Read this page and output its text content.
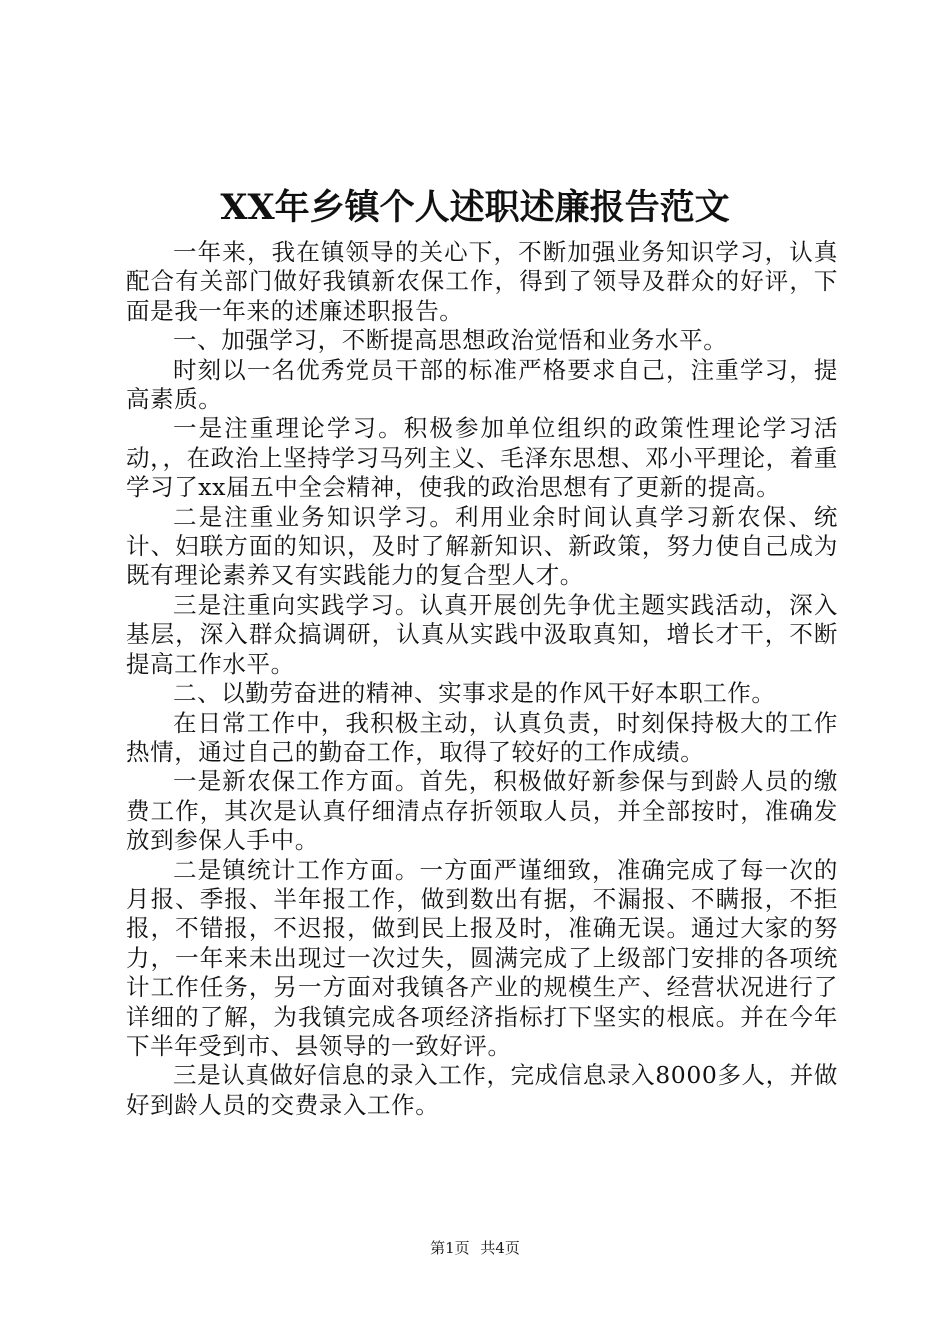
XX年乡镇个人述职述廉报告范文

一年来，我在镇领导的关心下，不断加强业务知识学习，认真配合有关部门做好我镇新农保工作，得到了领导及群众的好评，下面是我一年来的述廉述职报告。

一、加强学习，不断提高思想政治觉悟和业务水平。

时刻以一名优秀党员干部的标准严格要求自己，注重学习，提高素质。

一是注重理论学习。积极参加单位组织的政策性理论学习活动，，在政治上坚持学习马列主义、毛泽东思想、邓小平理论，着重学习了xx届五中全会精神，使我的政治思想有了更新的提高。

二是注重业务知识学习。利用业余时间认真学习新农保、统计、妇联方面的知识，及时了解新知识、新政策，努力使自己成为既有理论素养又有实践能力的复合型人才。

三是注重向实践学习。认真开展创先争优主题实践活动，深入基层，深入群众搞调研，认真从实践中汲取真知，增长才干，不断提高工作水平。

二、以勤劳奋进的精神、实事求是的作风干好本职工作。

在日常工作中，我积极主动，认真负责，时刻保持极大的工作热情，通过自己的勤奋工作，取得了较好的工作成绩。

一是新农保工作方面。首先，积极做好新参保与到龄人员的缴费工作，其次是认真仔细清点存折领取人员，并全部按时，准确发放到参保人手中。

二是镇统计工作方面。一方面严谨细致，准确完成了每一次的月报、季报、半年报工作，做到数出有据，不漏报、不瞒报，不拒报，不错报，不迟报，做到民上报及时，准确无误。通过大家的努力，一年来未出现过一次过失，圆满完成了上级部门安排的各项统计工作任务，另一方面对我镇各产业的规模生产、经营状况进行了详细的了解，为我镇完成各项经济指标打下坚实的根底。并在今年下半年受到市、县领导的一致好评。

三是认真做好信息的录入工作，完成信息录入8000多人，并做好到龄人员的交费录入工作。

第1页 共4页
